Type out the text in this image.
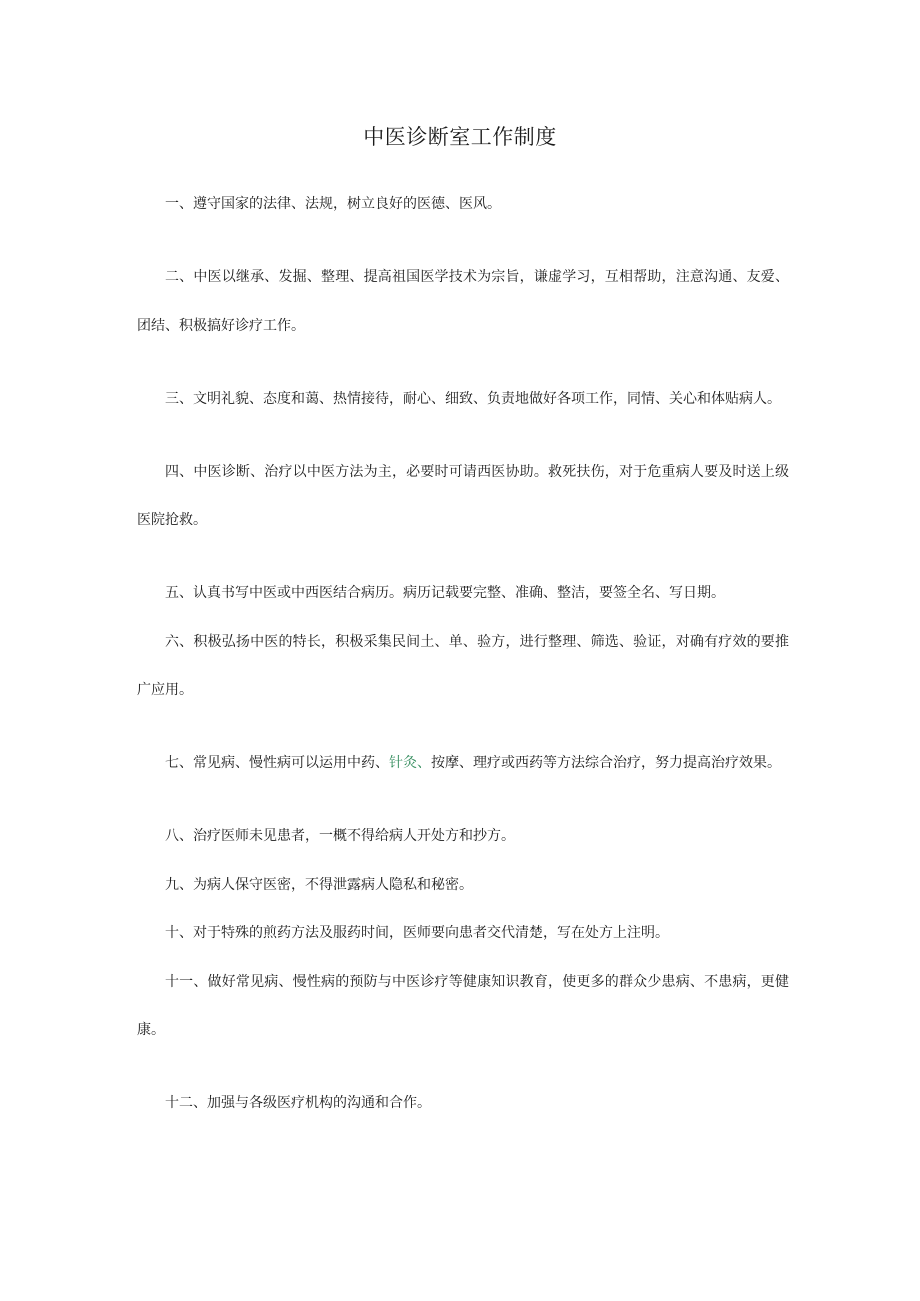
中医诊断室工作制度

一、遵守国家的法律、法规，树立良好的医德、医风。

二、中医以继承、发掘、整理、提高祖国医学技术为宗旨，谦虚学习，互相帮助，注意沟通、友爱、团结、积极搞好诊疗工作。

三、文明礼貌、态度和蔼、热情接待，耐心、细致、负责地做好各项工作，同情、关心和体贴病人。

四、中医诊断、治疗以中医方法为主，必要时可请西医协助。救死扶伤，对于危重病人要及时送上级医院抢救。

五、认真书写中医或中西医结合病历。病历记载要完整、准确、整洁，要签全名、写日期。

六、积极弘扬中医的特长，积极采集民间土、单、验方，进行整理、筛选、验证，对确有疗效的要推广应用。

七、常见病、慢性病可以运用中药、针灸、按摩、理疗或西药等方法综合治疗，努力提高治疗效果。

八、治疗医师未见患者，一概不得给病人开处方和抄方。

九、为病人保守医密，不得泄露病人隐私和秘密。

十、对于特殊的煎药方法及服药时间，医师要向患者交代清楚，写在处方上注明。

十一、做好常见病、慢性病的预防与中医诊疗等健康知识教育，使更多的群众少患病、不患病，更健康。

十二、加强与各级医疗机构的沟通和合作。
